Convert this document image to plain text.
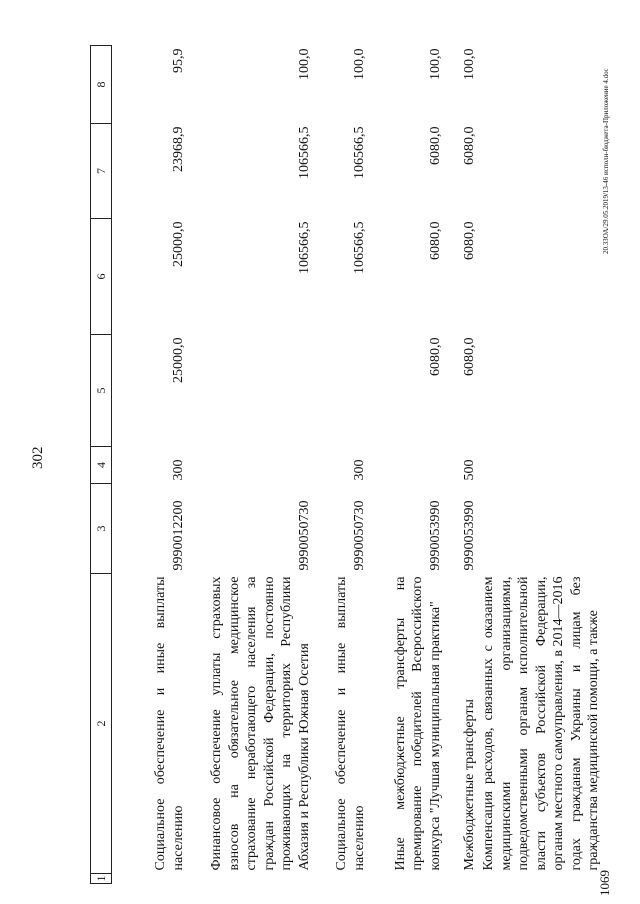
302
1	2	3	4	5	6	7	8
	Социальное обеспечение и иные выплаты населению	9990012200	300	25000,0	25000,0	23968,9	95,9
	Финансовое обеспечение уплаты страховых взносов на обязательное медицинское страхование неработающего населения за граждан Российской Федерации, постоянно проживающих на территориях Республики Абхазия и Республики Южная Осетия	9990050730			106566,5	106566,5	100,0
	Социальное обеспечение и иные выплаты населению	9990050730	300		106566,5	106566,5	100,0
	Иные межбюджетные трансферты на премирование победителей Всероссийского конкурса "Лучшая муниципальная практика"	9990053990		6080,0	6080,0	6080,0	100,0
	Межбюджетные трансферты	9990053990	500	6080,0	6080,0	6080,0	100,0
	Компенсация расходов, связанных с оказанием медицинскими организациями, подведомственными органам исполнительной власти субъектов Российской Федерации, органам местного самоуправления, в 2014—2016 годах гражданам Украины и лицам без гражданства медицинской помощи, а также						
1069
20.3ЗОА/29.05.2019/13-46 исполн-бюджета-Приложение 4.doc
